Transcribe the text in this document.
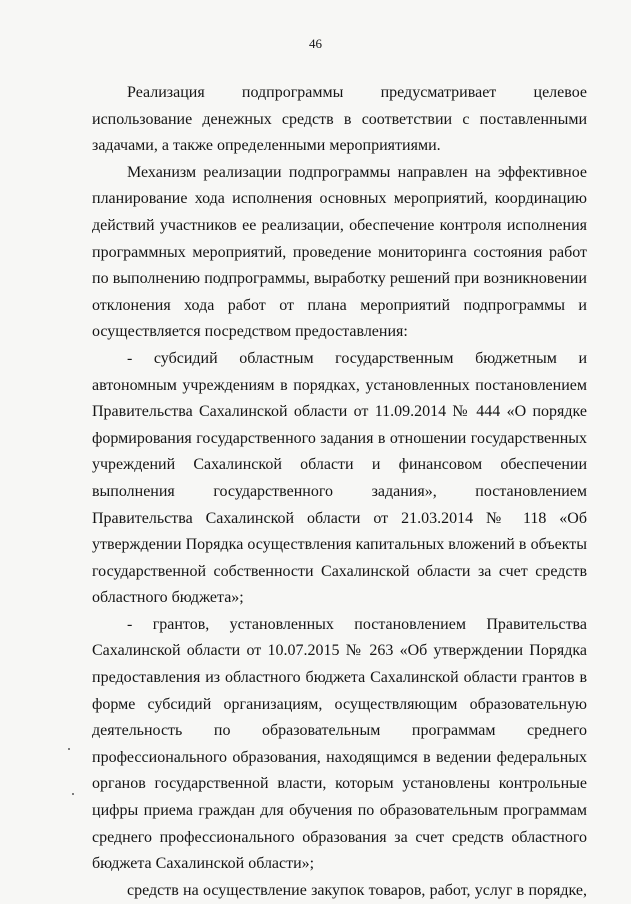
46

Реализация подпрограммы предусматривает целевое использование денежных средств в соответствии с поставленными задачами, а также определенными мероприятиями.

Механизм реализации подпрограммы направлен на эффективное планирование хода исполнения основных мероприятий, координацию действий участников ее реализации, обеспечение контроля исполнения программных мероприятий, проведение мониторинга состояния работ по выполнению подпрограммы, выработку решений при возникновении отклонения хода работ от плана мероприятий подпрограммы и осуществляется посредством предоставления:

- субсидий областным государственным бюджетным и автономным учреждениям в порядках, установленных постановлением Правительства Сахалинской области от 11.09.2014 № 444 «О порядке формирования государственного задания в отношении государственных учреждений Сахалинской области и финансовом обеспечении выполнения государственного задания», постановлением Правительства Сахалинской области от 21.03.2014 № 118 «Об утверждении Порядка осуществления капитальных вложений в объекты государственной собственности Сахалинской области за счет средств областного бюджета»;

- грантов, установленных постановлением Правительства Сахалинской области от 10.07.2015 № 263 «Об утверждении Порядка предоставления из областного бюджета Сахалинской области грантов в форме субсидий организациям, осуществляющим образовательную деятельность по образовательным программам среднего профессионального образования, находящимся в ведении федеральных органов государственной власти, которым установлены контрольные цифры приема граждан для обучения по образовательным программам среднего профессионального образования за счет средств областного бюджета Сахалинской области»;

средств на осуществление закупок товаров, работ, услуг в порядке,
